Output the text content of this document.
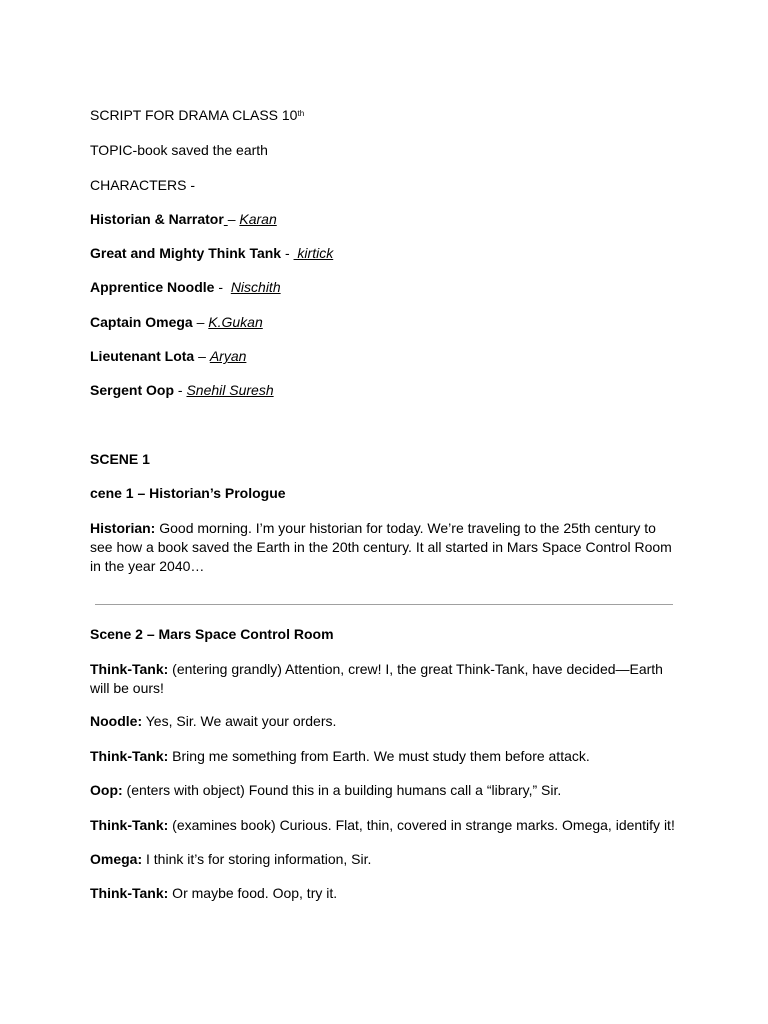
SCRIPT FOR DRAMA CLASS 10th
TOPIC-book saved the earth
CHARACTERS -
Historian & Narrator – Karan
Great and Mighty Think Tank -  kirtick
Apprentice Noodle -  Nischith
Captain Omega – K.Gukan
Lieutenant Lota – Aryan
Sergent Oop - Snehil Suresh
SCENE 1
cene 1 – Historian’s Prologue
Historian: Good morning. I’m your historian for today. We’re traveling to the 25th century to see how a book saved the Earth in the 20th century. It all started in Mars Space Control Room in the year 2040…
Scene 2 – Mars Space Control Room
Think-Tank: (entering grandly) Attention, crew! I, the great Think-Tank, have decided—Earth will be ours!
Noodle: Yes, Sir. We await your orders.
Think-Tank: Bring me something from Earth. We must study them before attack.
Oop: (enters with object) Found this in a building humans call a “library,” Sir.
Think-Tank: (examines book) Curious. Flat, thin, covered in strange marks. Omega, identify it!
Omega: I think it’s for storing information, Sir.
Think-Tank: Or maybe food. Oop, try it.
